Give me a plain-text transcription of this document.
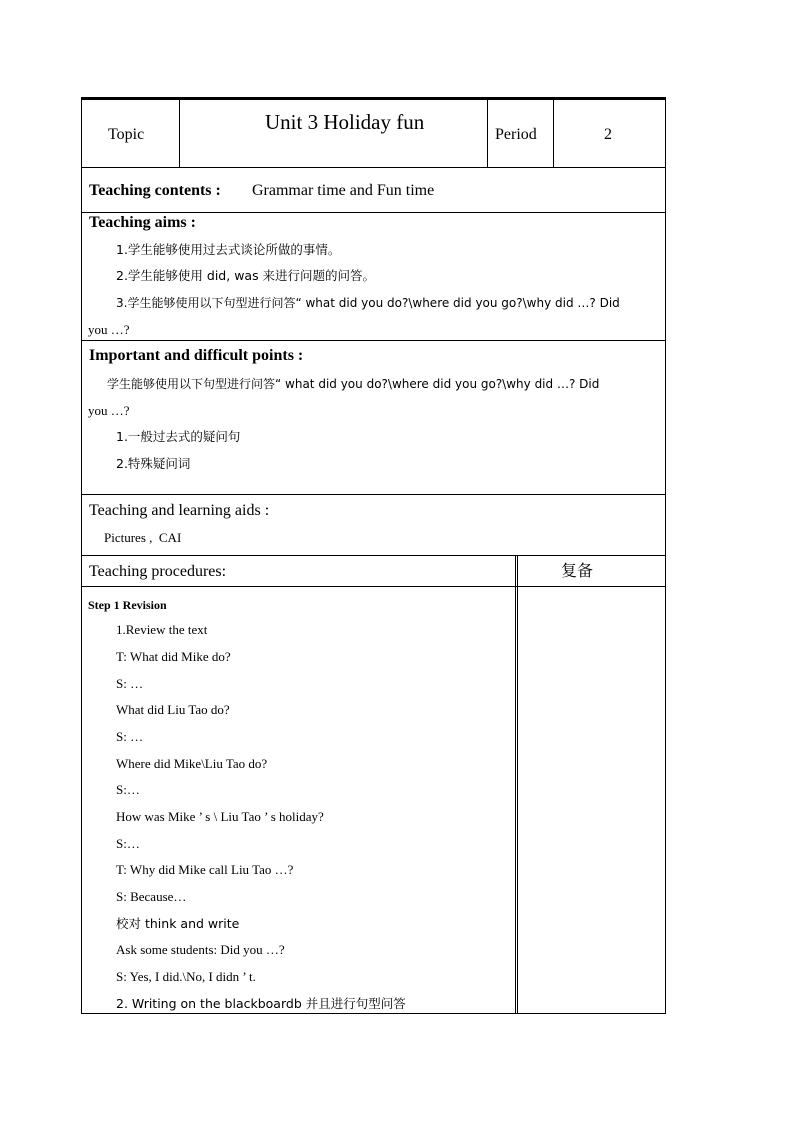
Topic
Unit 3 Holiday fun
Period	2
Teaching contents : Grammar time and Fun time
Teaching aims :
1.学生能够使用过去式谈论所做的事情。
2.学生能够使用 did, was 来进行问题的问答。
3.学生能够使用以下句型进行问答“ what did you do?\where did you go?\why did …? Did
you …?
Important and difficult points :
学生能够使用以下句型进行问答“ what did you do?\where did you go?\why did …? Did
you …?
1.一般过去式的疑问句
2.特殊疑问词
Teaching and learning aids :
Pictures ,  CAI
Teaching procedures:	复备
Step 1 Revision
1.Review the text
T: What did Mike do?
S: …
What did Liu Tao do?
S: …
Where did Mike\Liu Tao do?
S:…
How was Mike ’ s \ Liu Tao ’ s holiday?
S:…
T: Why did Mike call Liu Tao …?
S: Because…
校对 think and write
Ask some students: Did you …?
S: Yes, I did.\No, I didn ’ t.
2. Writing on the blackboardb 并且进行句型问答
